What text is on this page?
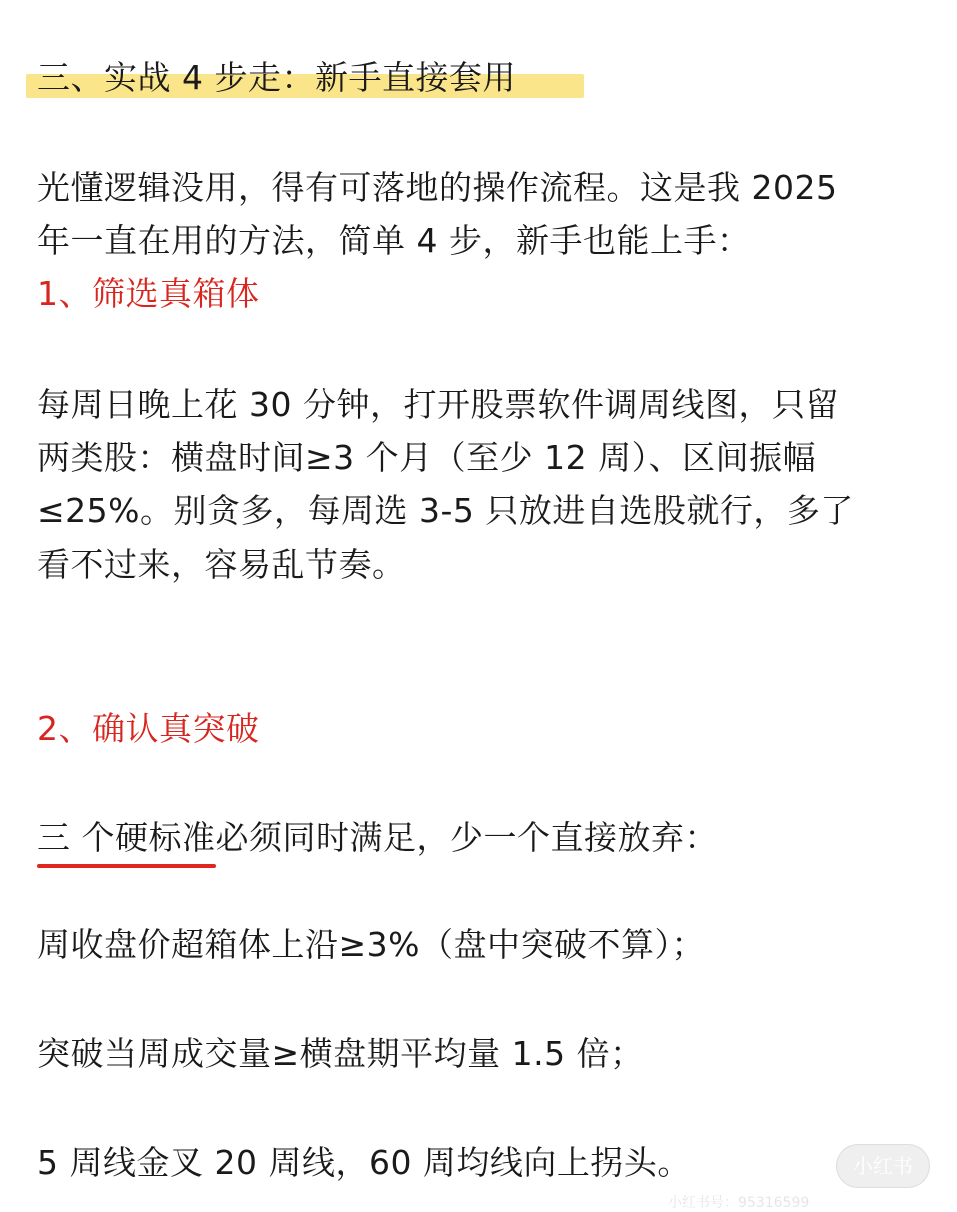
三、实战 4 步走：新手直接套用
光懂逻辑没用，得有可落地的操作流程。这是我 2025
年一直在用的方法，简单 4 步，新手也能上手：
1、筛选真箱体
每周日晚上花 30 分钟，打开股票软件调周线图，只留
两类股：横盘时间≥3 个月（至少 12 周）、区间振幅
≤25%。别贪多，每周选 3-5 只放进自选股就行，多了
看不过来，容易乱节奏。
2、确认真突破
三 个硬标准
必须同时满足，少一个直接放弃：
周收盘价超箱体上沿≥3%（盘中突破不算）；
突破当周成交量≥横盘期平均量 1.5 倍；
5 周线金叉 20 周线，60 周均线向上拐头。	小红书
小红书号：95316599
